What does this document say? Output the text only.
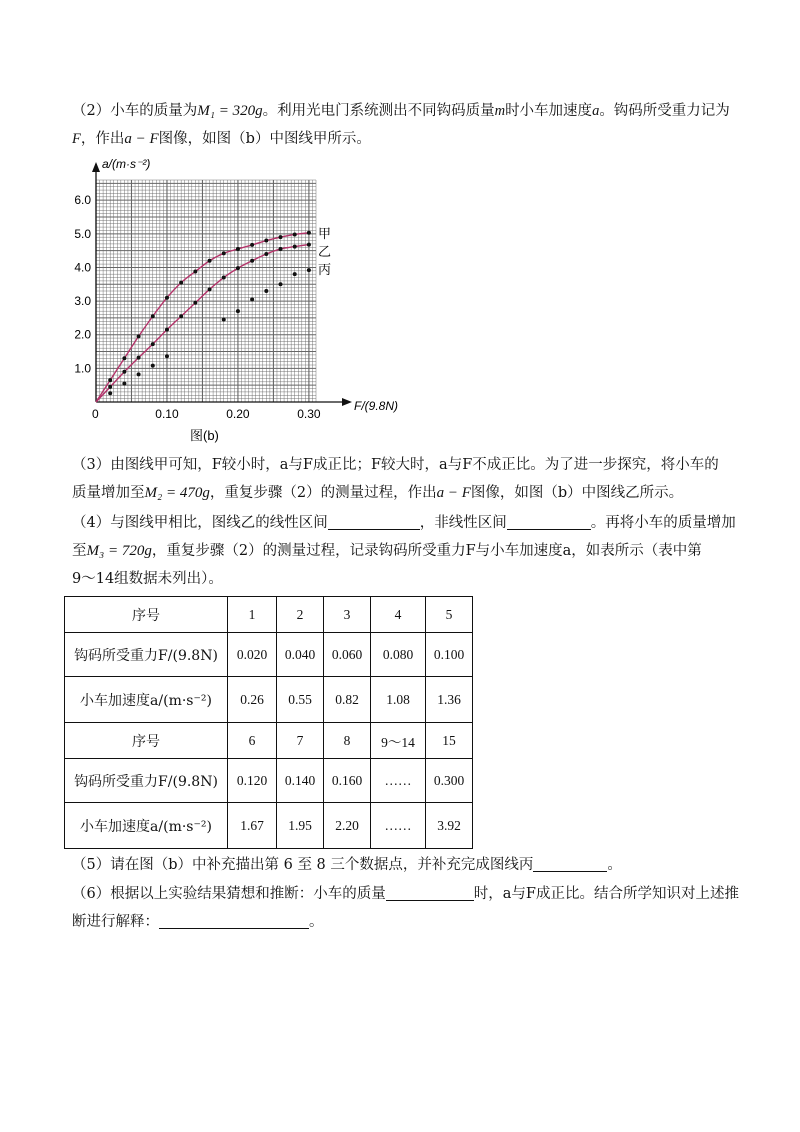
（2）小车的质量为M₁ = 320g。利用光电门系统测出不同钩码质量m时小车加速度a。钩码所受重力记为
F，作出a − F图像，如图（b）中图线甲所示。
1.0
2.0
3.0
4.0
5.0
6.0
0.10	0.20	0.30
a/(m·s⁻²)
F/(9.8N)
0
图(b)
甲
乙
丙
（3）由图线甲可知，F较小时，a与F成正比；F较大时，a与F不成正比。为了进一步探究，将小车的
质量增加至M₂ = 470g，重复步骤（2）的测量过程，作出a − F图像，如图（b）中图线乙所示。
（4）与图线甲相比，图线乙的线性区间	，非线性区间	。再将小车的质量增加
至M₃ = 720g，重复步骤（2）的测量过程，记录钩码所受重力F与小车加速度a，如表所示（表中第
9～14组数据未列出）。
序号	1	2	3	4	5
钩码所受重力F/(9.8N)	0.020	0.040	0.060	0.080	0.100
小车加速度a/(m·s⁻²)	0.26	0.55	0.82	1.08	1.36
序号	6	7	8	9～14	15
钩码所受重力F/(9.8N)	0.120	0.140	0.160	……	0.300
小车加速度a/(m·s⁻²)	1.67	1.95	2.20	……	3.92
（5）请在图（b）中补充描出第 6 至 8 三个数据点，并补充完成图线丙	。
（6）根据以上实验结果猜想和推断：小车的质量	时，a与F成正比。结合所学知识对上述推
断进行解释：	。
